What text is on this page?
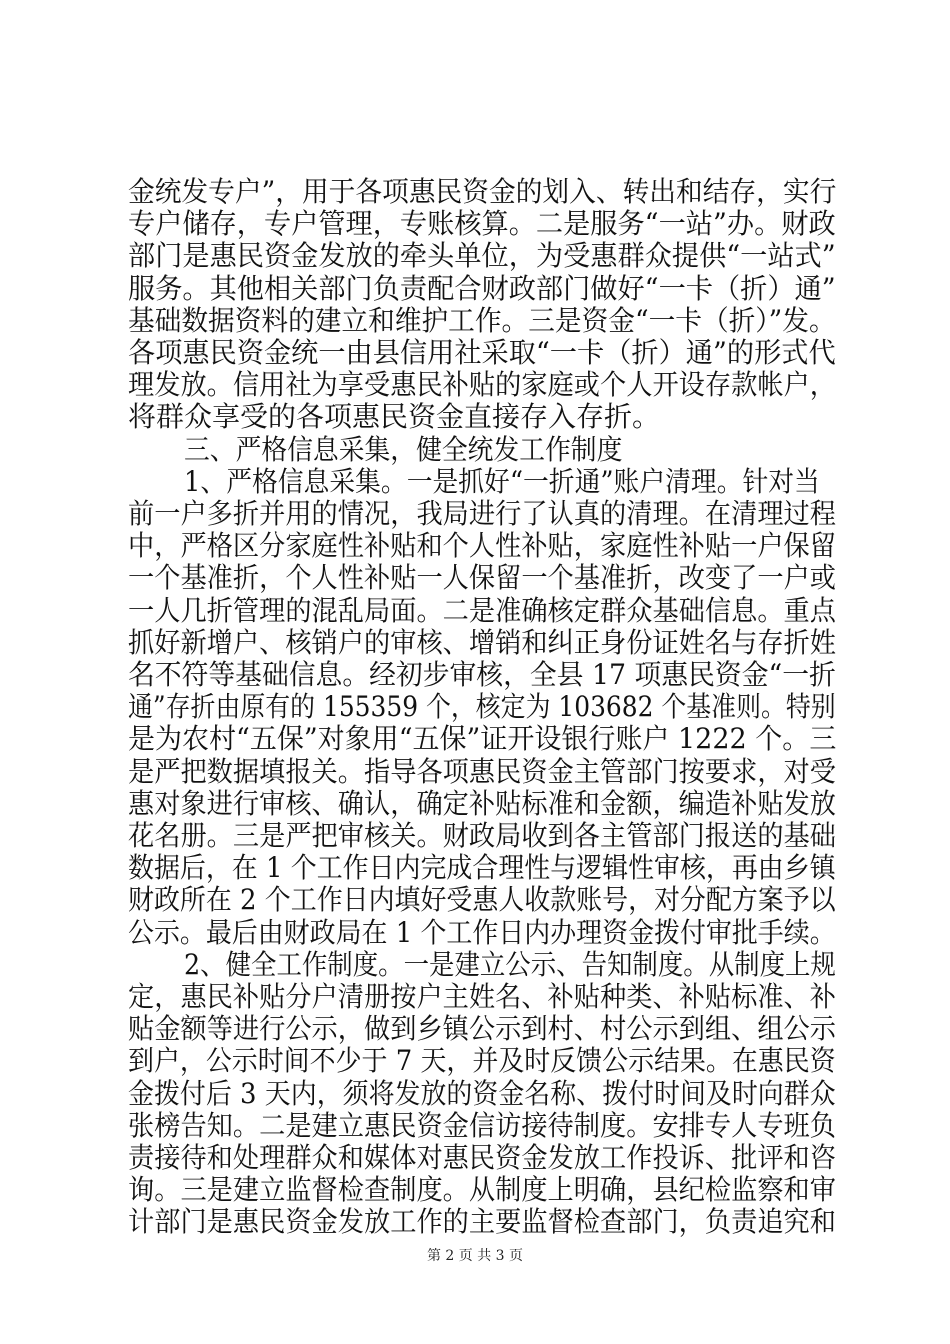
金统发专户”，用于各项惠民资金的划入、转出和结存，实行
专户储存，专户管理，专账核算。二是服务“一站”办。财政
部门是惠民资金发放的牵头单位，为受惠群众提供“一站式”
服务。其他相关部门负责配合财政部门做好“一卡（折）通”
基础数据资料的建立和维护工作。三是资金“一卡（折）”发。
各项惠民资金统一由县信用社采取“一卡（折）通”的形式代
理发放。信用社为享受惠民补贴的家庭或个人开设存款帐户，
将群众享受的各项惠民资金直接存入存折。
三、严格信息采集，健全统发工作制度
1、严格信息采集。一是抓好“一折通”账户清理。针对当
前一户多折并用的情况，我局进行了认真的清理。在清理过程
中，严格区分家庭性补贴和个人性补贴，家庭性补贴一户保留
一个基准折，个人性补贴一人保留一个基准折，改变了一户或
一人几折管理的混乱局面。二是准确核定群众基础信息。重点
抓好新增户、核销户的审核、增销和纠正身份证姓名与存折姓
名不符等基础信息。经初步审核，全县 17 项惠民资金“一折
通”存折由原有的 155359 个，核定为 103682 个基准则。特别
是为农村“五保”对象用“五保”证开设银行账户 1222 个。三
是严把数据填报关。指导各项惠民资金主管部门按要求，对受
惠对象进行审核、确认，确定补贴标准和金额，编造补贴发放
花名册。三是严把审核关。财政局收到各主管部门报送的基础
数据后，在 1 个工作日内完成合理性与逻辑性审核，再由乡镇
财政所在 2 个工作日内填好受惠人收款账号，对分配方案予以
公示。最后由财政局在 1 个工作日内办理资金拨付审批手续。
2、健全工作制度。一是建立公示、告知制度。从制度上规
定，惠民补贴分户清册按户主姓名、补贴种类、补贴标准、补
贴金额等进行公示，做到乡镇公示到村、村公示到组、组公示
到户，公示时间不少于 7 天，并及时反馈公示结果。在惠民资
金拨付后 3 天内，须将发放的资金名称、拨付时间及时向群众
张榜告知。二是建立惠民资金信访接待制度。安排专人专班负
责接待和处理群众和媒体对惠民资金发放工作投诉、批评和咨
询。三是建立监督检查制度。从制度上明确，县纪检监察和审
计部门是惠民资金发放工作的主要监督检查部门，负责追究和
第 2 页 共 3 页
